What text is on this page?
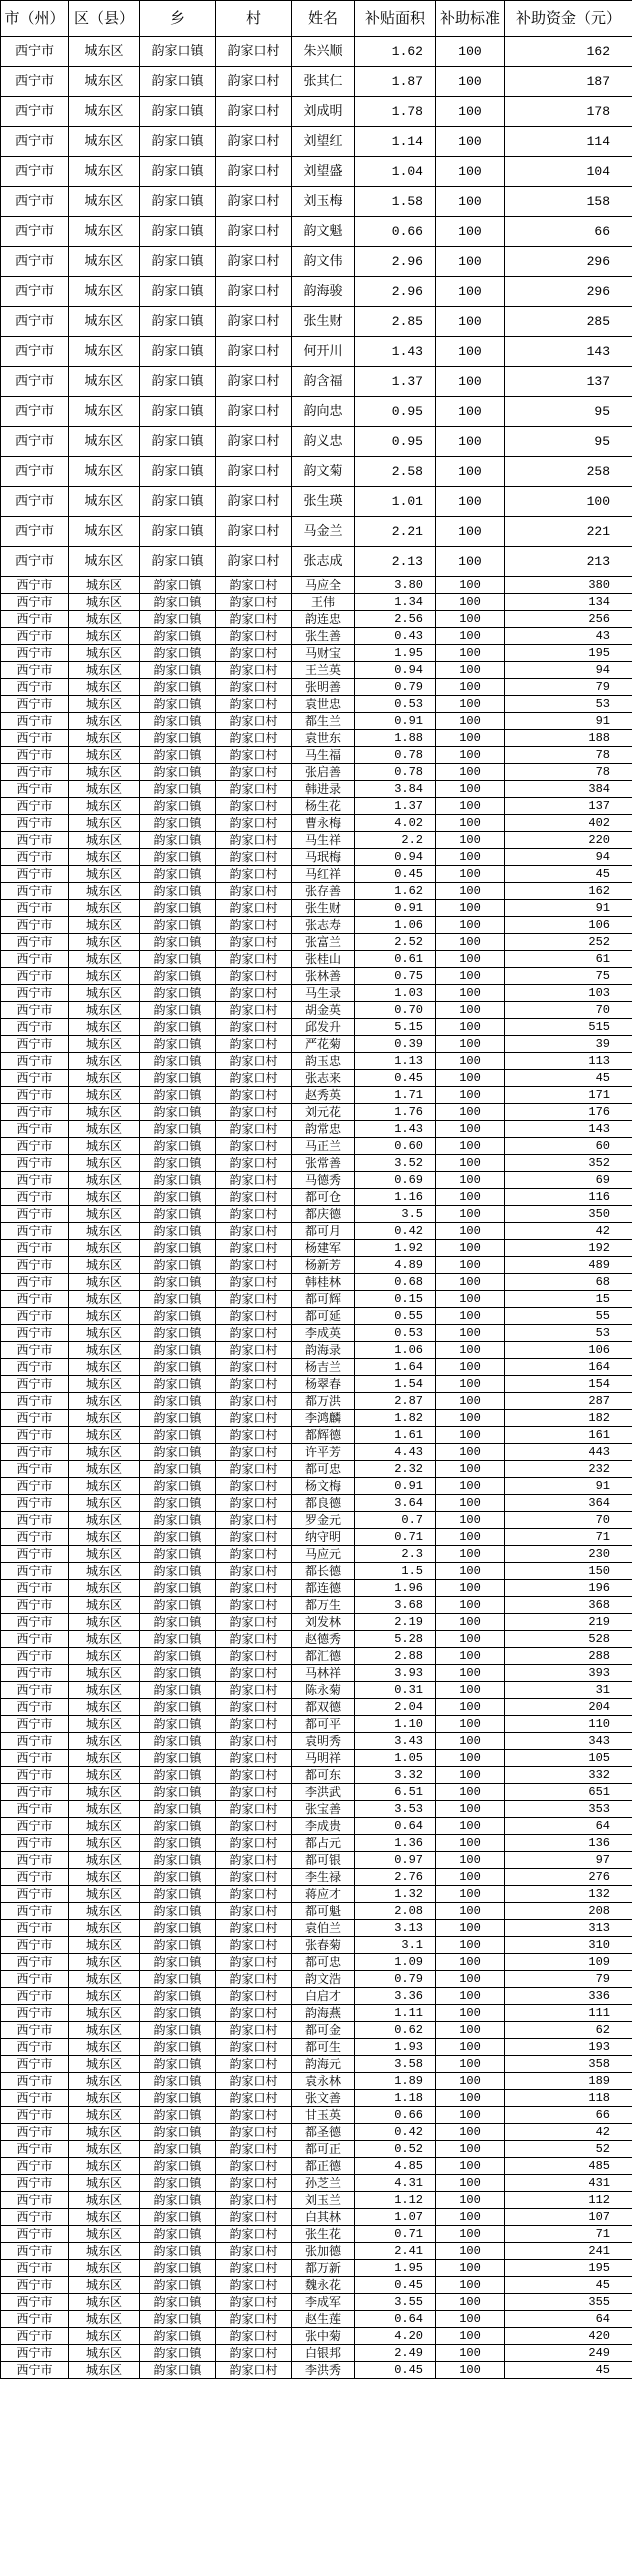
市（州）	区（县）	乡	村	姓名	补贴面积	补助标准	补助资金（元）
西宁市	城东区	韵家口镇	韵家口村	朱兴顺	1.62	100	162
西宁市	城东区	韵家口镇	韵家口村	张其仁	1.87	100	187
西宁市	城东区	韵家口镇	韵家口村	刘成明	1.78	100	178
西宁市	城东区	韵家口镇	韵家口村	刘望红	1.14	100	114
西宁市	城东区	韵家口镇	韵家口村	刘望盛	1.04	100	104
西宁市	城东区	韵家口镇	韵家口村	刘玉梅	1.58	100	158
西宁市	城东区	韵家口镇	韵家口村	韵文魁	0.66	100	66
西宁市	城东区	韵家口镇	韵家口村	韵文伟	2.96	100	296
西宁市	城东区	韵家口镇	韵家口村	韵海骏	2.96	100	296
西宁市	城东区	韵家口镇	韵家口村	张生财	2.85	100	285
西宁市	城东区	韵家口镇	韵家口村	何开川	1.43	100	143
西宁市	城东区	韵家口镇	韵家口村	韵含福	1.37	100	137
西宁市	城东区	韵家口镇	韵家口村	韵向忠	0.95	100	95
西宁市	城东区	韵家口镇	韵家口村	韵义忠	0.95	100	95
西宁市	城东区	韵家口镇	韵家口村	韵文菊	2.58	100	258
西宁市	城东区	韵家口镇	韵家口村	张生瑛	1.01	100	100
西宁市	城东区	韵家口镇	韵家口村	马金兰	2.21	100	221
西宁市	城东区	韵家口镇	韵家口村	张志成	2.13	100	213
西宁市	城东区	韵家口镇	韵家口村	马应全	3.80	100	380
西宁市	城东区	韵家口镇	韵家口村	王伟	1.34	100	134
西宁市	城东区	韵家口镇	韵家口村	韵连忠	2.56	100	256
西宁市	城东区	韵家口镇	韵家口村	张生善	0.43	100	43
西宁市	城东区	韵家口镇	韵家口村	马财宝	1.95	100	195
西宁市	城东区	韵家口镇	韵家口村	王兰英	0.94	100	94
西宁市	城东区	韵家口镇	韵家口村	张明善	0.79	100	79
西宁市	城东区	韵家口镇	韵家口村	袁世忠	0.53	100	53
西宁市	城东区	韵家口镇	韵家口村	都生兰	0.91	100	91
西宁市	城东区	韵家口镇	韵家口村	袁世东	1.88	100	188
西宁市	城东区	韵家口镇	韵家口村	马生福	0.78	100	78
西宁市	城东区	韵家口镇	韵家口村	张启善	0.78	100	78
西宁市	城东区	韵家口镇	韵家口村	韩进录	3.84	100	384
西宁市	城东区	韵家口镇	韵家口村	杨生花	1.37	100	137
西宁市	城东区	韵家口镇	韵家口村	曹永梅	4.02	100	402
西宁市	城东区	韵家口镇	韵家口村	马生祥	2.2	100	220
西宁市	城东区	韵家口镇	韵家口村	马珉梅	0.94	100	94
西宁市	城东区	韵家口镇	韵家口村	马红祥	0.45	100	45
西宁市	城东区	韵家口镇	韵家口村	张存善	1.62	100	162
西宁市	城东区	韵家口镇	韵家口村	张生财	0.91	100	91
西宁市	城东区	韵家口镇	韵家口村	张志寿	1.06	100	106
西宁市	城东区	韵家口镇	韵家口村	张富兰	2.52	100	252
西宁市	城东区	韵家口镇	韵家口村	张桂山	0.61	100	61
西宁市	城东区	韵家口镇	韵家口村	张林善	0.75	100	75
西宁市	城东区	韵家口镇	韵家口村	马生录	1.03	100	103
西宁市	城东区	韵家口镇	韵家口村	胡金英	0.70	100	70
西宁市	城东区	韵家口镇	韵家口村	邱发升	5.15	100	515
西宁市	城东区	韵家口镇	韵家口村	严花菊	0.39	100	39
西宁市	城东区	韵家口镇	韵家口村	韵玉忠	1.13	100	113
西宁市	城东区	韵家口镇	韵家口村	张志来	0.45	100	45
西宁市	城东区	韵家口镇	韵家口村	赵秀英	1.71	100	171
西宁市	城东区	韵家口镇	韵家口村	刘元花	1.76	100	176
西宁市	城东区	韵家口镇	韵家口村	韵常忠	1.43	100	143
西宁市	城东区	韵家口镇	韵家口村	马正兰	0.60	100	60
西宁市	城东区	韵家口镇	韵家口村	张常善	3.52	100	352
西宁市	城东区	韵家口镇	韵家口村	马德秀	0.69	100	69
西宁市	城东区	韵家口镇	韵家口村	都可仓	1.16	100	116
西宁市	城东区	韵家口镇	韵家口村	都庆德	3.5	100	350
西宁市	城东区	韵家口镇	韵家口村	都可月	0.42	100	42
西宁市	城东区	韵家口镇	韵家口村	杨建军	1.92	100	192
西宁市	城东区	韵家口镇	韵家口村	杨新芳	4.89	100	489
西宁市	城东区	韵家口镇	韵家口村	韩桂林	0.68	100	68
西宁市	城东区	韵家口镇	韵家口村	都可辉	0.15	100	15
西宁市	城东区	韵家口镇	韵家口村	都可延	0.55	100	55
西宁市	城东区	韵家口镇	韵家口村	李成英	0.53	100	53
西宁市	城东区	韵家口镇	韵家口村	韵海录	1.06	100	106
西宁市	城东区	韵家口镇	韵家口村	杨吉兰	1.64	100	164
西宁市	城东区	韵家口镇	韵家口村	杨翠春	1.54	100	154
西宁市	城东区	韵家口镇	韵家口村	都万洪	2.87	100	287
西宁市	城东区	韵家口镇	韵家口村	李鸿麟	1.82	100	182
西宁市	城东区	韵家口镇	韵家口村	都辉德	1.61	100	161
西宁市	城东区	韵家口镇	韵家口村	许平芳	4.43	100	443
西宁市	城东区	韵家口镇	韵家口村	都可忠	2.32	100	232
西宁市	城东区	韵家口镇	韵家口村	杨文梅	0.91	100	91
西宁市	城东区	韵家口镇	韵家口村	都良德	3.64	100	364
西宁市	城东区	韵家口镇	韵家口村	罗金元	0.7	100	70
西宁市	城东区	韵家口镇	韵家口村	纳守明	0.71	100	71
西宁市	城东区	韵家口镇	韵家口村	马应元	2.3	100	230
西宁市	城东区	韵家口镇	韵家口村	都长德	1.5	100	150
西宁市	城东区	韵家口镇	韵家口村	都连德	1.96	100	196
西宁市	城东区	韵家口镇	韵家口村	都万生	3.68	100	368
西宁市	城东区	韵家口镇	韵家口村	刘发林	2.19	100	219
西宁市	城东区	韵家口镇	韵家口村	赵德秀	5.28	100	528
西宁市	城东区	韵家口镇	韵家口村	都汇德	2.88	100	288
西宁市	城东区	韵家口镇	韵家口村	马林祥	3.93	100	393
西宁市	城东区	韵家口镇	韵家口村	陈永菊	0.31	100	31
西宁市	城东区	韵家口镇	韵家口村	都双德	2.04	100	204
西宁市	城东区	韵家口镇	韵家口村	都可平	1.10	100	110
西宁市	城东区	韵家口镇	韵家口村	袁明秀	3.43	100	343
西宁市	城东区	韵家口镇	韵家口村	马明祥	1.05	100	105
西宁市	城东区	韵家口镇	韵家口村	都可东	3.32	100	332
西宁市	城东区	韵家口镇	韵家口村	李洪武	6.51	100	651
西宁市	城东区	韵家口镇	韵家口村	张宝善	3.53	100	353
西宁市	城东区	韵家口镇	韵家口村	李成贵	0.64	100	64
西宁市	城东区	韵家口镇	韵家口村	都占元	1.36	100	136
西宁市	城东区	韵家口镇	韵家口村	都可银	0.97	100	97
西宁市	城东区	韵家口镇	韵家口村	李生禄	2.76	100	276
西宁市	城东区	韵家口镇	韵家口村	蒋应才	1.32	100	132
西宁市	城东区	韵家口镇	韵家口村	都可魁	2.08	100	208
西宁市	城东区	韵家口镇	韵家口村	袁伯兰	3.13	100	313
西宁市	城东区	韵家口镇	韵家口村	张春菊	3.1	100	310
西宁市	城东区	韵家口镇	韵家口村	都可忠	1.09	100	109
西宁市	城东区	韵家口镇	韵家口村	韵文浩	0.79	100	79
西宁市	城东区	韵家口镇	韵家口村	白启才	3.36	100	336
西宁市	城东区	韵家口镇	韵家口村	韵海燕	1.11	100	111
西宁市	城东区	韵家口镇	韵家口村	都可金	0.62	100	62
西宁市	城东区	韵家口镇	韵家口村	都可生	1.93	100	193
西宁市	城东区	韵家口镇	韵家口村	韵海元	3.58	100	358
西宁市	城东区	韵家口镇	韵家口村	袁永林	1.89	100	189
西宁市	城东区	韵家口镇	韵家口村	张文善	1.18	100	118
西宁市	城东区	韵家口镇	韵家口村	甘玉英	0.66	100	66
西宁市	城东区	韵家口镇	韵家口村	都圣德	0.42	100	42
西宁市	城东区	韵家口镇	韵家口村	都可正	0.52	100	52
西宁市	城东区	韵家口镇	韵家口村	都正德	4.85	100	485
西宁市	城东区	韵家口镇	韵家口村	孙芝兰	4.31	100	431
西宁市	城东区	韵家口镇	韵家口村	刘玉兰	1.12	100	112
西宁市	城东区	韵家口镇	韵家口村	白其林	1.07	100	107
西宁市	城东区	韵家口镇	韵家口村	张生花	0.71	100	71
西宁市	城东区	韵家口镇	韵家口村	张加德	2.41	100	241
西宁市	城东区	韵家口镇	韵家口村	都万新	1.95	100	195
西宁市	城东区	韵家口镇	韵家口村	魏永花	0.45	100	45
西宁市	城东区	韵家口镇	韵家口村	李成军	3.55	100	355
西宁市	城东区	韵家口镇	韵家口村	赵生莲	0.64	100	64
西宁市	城东区	韵家口镇	韵家口村	张中菊	4.20	100	420
西宁市	城东区	韵家口镇	韵家口村	白银邦	2.49	100	249
西宁市	城东区	韵家口镇	韵家口村	李洪秀	0.45	100	45
